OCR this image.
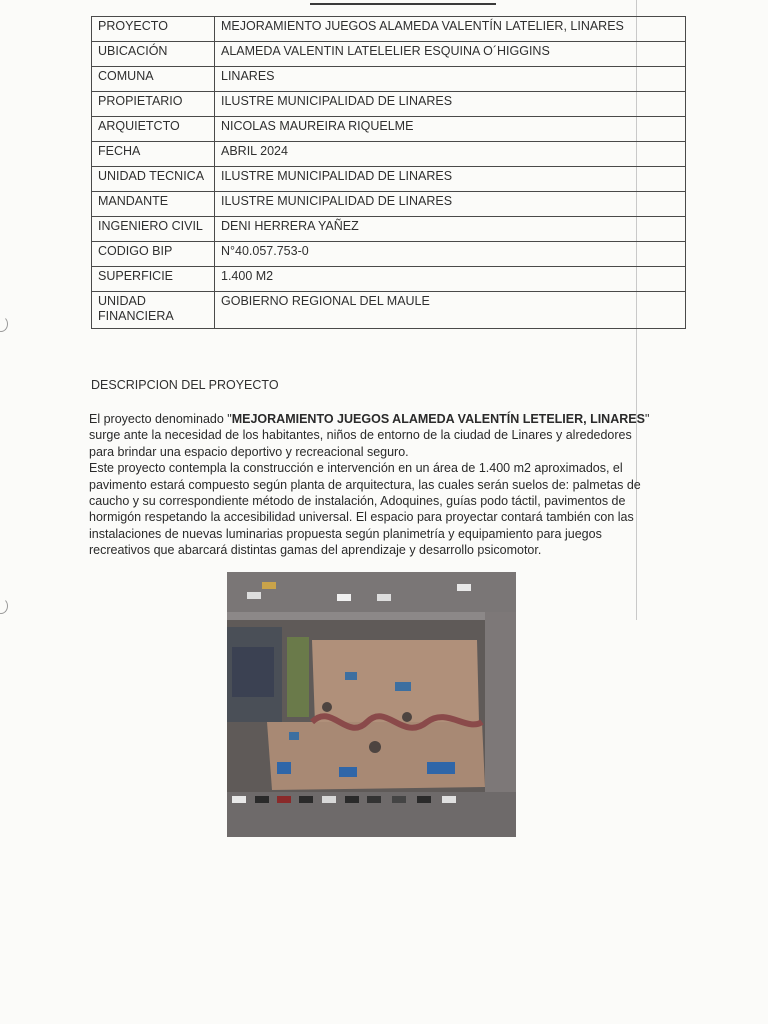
PROYECTO	MEJORAMIENTO JUEGOS ALAMEDA VALENTÍN LATELIER, LINARES
UBICACIÓN	ALAMEDA VALENTIN LATELELIER ESQUINA O´HIGGINS
COMUNA	LINARES
PROPIETARIO	ILUSTRE MUNICIPALIDAD DE LINARES
ARQUIETCTO	NICOLAS MAUREIRA RIQUELME
FECHA	ABRIL 2024
UNIDAD TECNICA	ILUSTRE MUNICIPALIDAD DE LINARES
MANDANTE	ILUSTRE MUNICIPALIDAD DE LINARES
INGENIERO CIVIL	DENI HERRERA YAÑEZ
CODIGO BIP	N°40.057.753-0
SUPERFICIE	1.400 M2
UNIDAD FINANCIERA	GOBIERNO REGIONAL DEL MAULE
DESCRIPCION DEL PROYECTO
El proyecto denominado "MEJORAMIENTO JUEGOS ALAMEDA VALENTÍN LETELIER, LINARES" surge ante la necesidad de los habitantes, niños de entorno de la ciudad de Linares y alrededores para brindar una espacio deportivo y recreacional seguro.
Este proyecto contempla la construcción e intervención en un área de 1.400 m2 aproximados, el pavimento estará compuesto según planta de arquitectura, las cuales serán suelos de: palmetas de caucho y su correspondiente método de instalación, Adoquines, guías podo táctil, pavimentos de hormigón respetando la accesibilidad universal. El espacio para proyectar contará también con las instalaciones de nuevas luminarias propuesta según planimetría y equipamiento para juegos recreativos que abarcará distintas gamas del aprendizaje y desarrollo psicomotor.
